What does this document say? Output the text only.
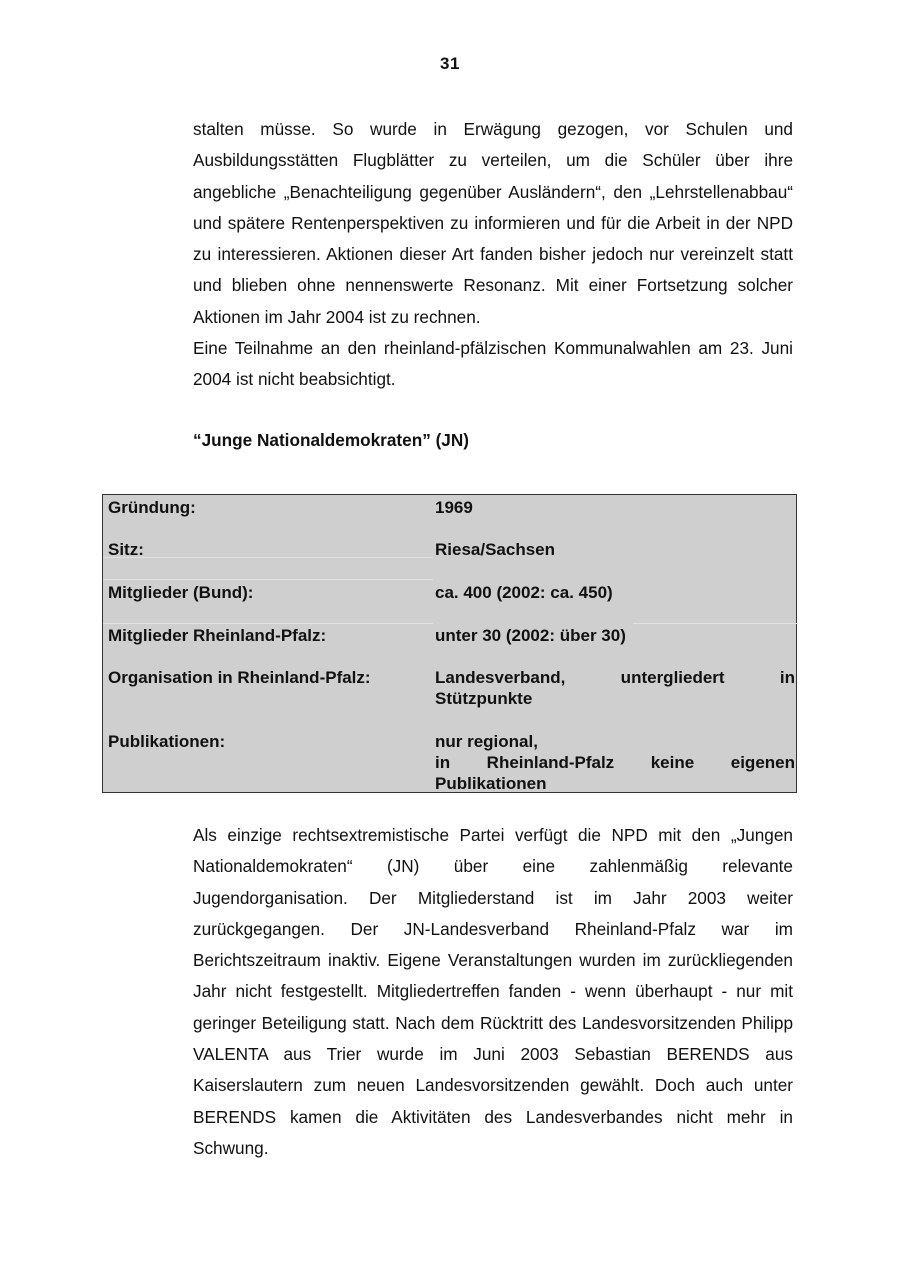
31

stalten müsse. So wurde in Erwägung gezogen, vor Schulen und Ausbildungsstätten Flugblätter zu verteilen, um die Schüler über ihre angebliche „Benachteiligung gegenüber Ausländern“, den „Lehrstellenabbau“ und spätere Rentenperspektiven zu informieren und für die Arbeit in der NPD zu interessieren. Aktionen dieser Art fanden bisher jedoch nur vereinzelt statt und blieben ohne nennenswerte Resonanz. Mit einer Fortsetzung solcher Aktionen im Jahr 2004 ist zu rechnen.

Eine Teilnahme an den rheinland-pfälzischen Kommunalwahlen am 23. Juni 2004 ist nicht beabsichtigt.

“Junge Nationaldemokraten” (JN)
Gründung:	1969
Sitz:	Riesa/Sachsen
Mitglieder (Bund):	ca. 400 (2002: ca. 450)
Mitglieder Rheinland-Pfalz:	unter 30 (2002: über 30)
Organisation in Rheinland-Pfalz:	Landesverband, untergliedert in Stützpunkte
Publikationen:	nur regional,
in Rheinland-Pfalz keine eigenen Publikationen

Als einzige rechtsextremistische Partei verfügt die NPD mit den „Jungen Nationaldemokraten“ (JN) über eine zahlenmäßig relevante Jugendorganisation. Der Mitgliederstand ist im Jahr 2003 weiter zurückgegangen. Der JN-Landesverband Rheinland-Pfalz war im Berichtszeitraum inaktiv. Eigene Veranstaltungen wurden im zurückliegenden Jahr nicht festgestellt. Mitgliedertreffen fanden - wenn überhaupt - nur mit geringer Beteiligung statt. Nach dem Rücktritt des Landesvorsitzenden Philipp VALENTA aus Trier wurde im Juni 2003 Sebastian BERENDS aus Kaiserslautern zum neuen Landesvorsitzenden gewählt. Doch auch unter BERENDS kamen die Aktivitäten des Landesverbandes nicht mehr in Schwung.
